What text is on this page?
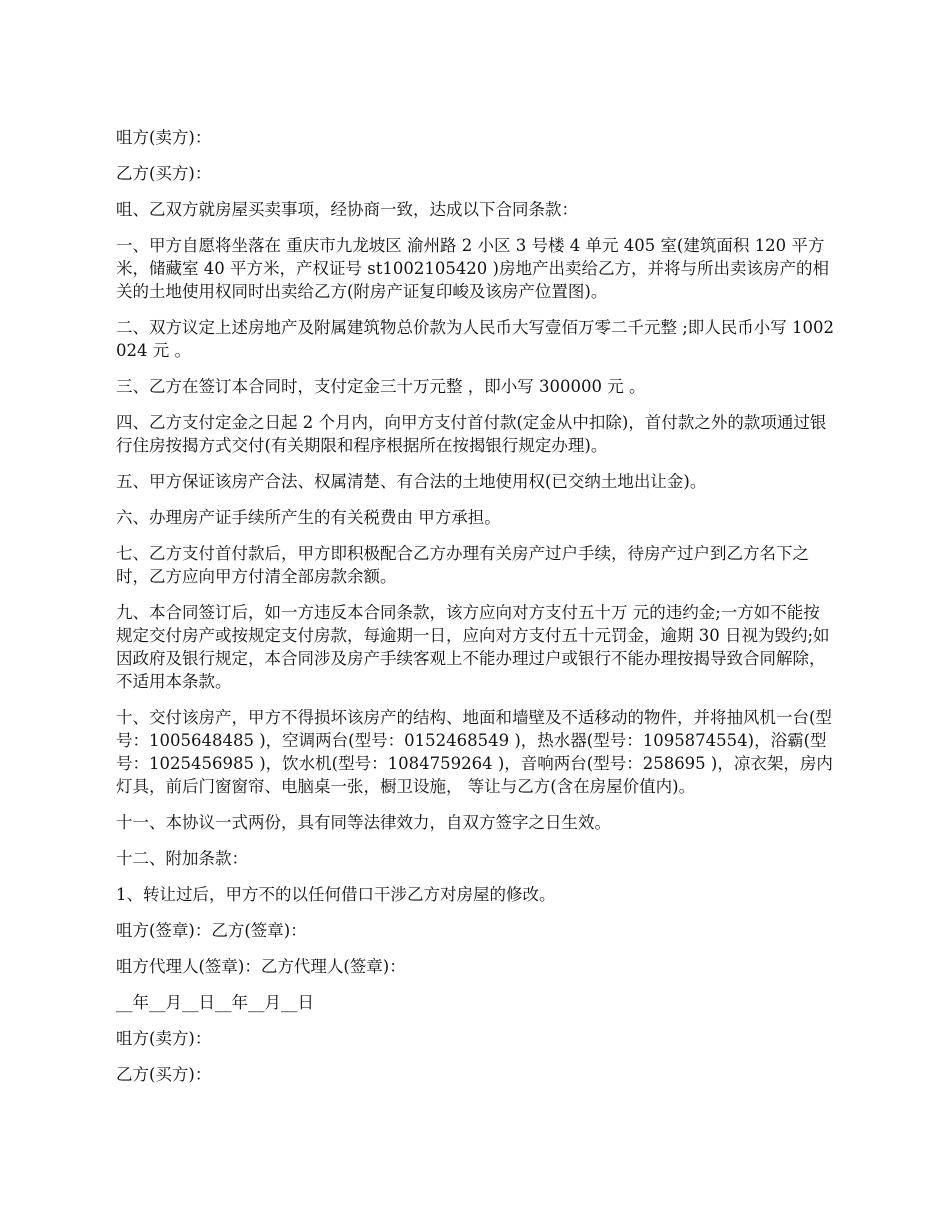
咀方(卖方)：

乙方(买方)：

咀、乙双方就房屋买卖事项，经协商一致，达成以下合同条款：

一、甲方自愿将坐落在 重庆市九龙坡区 渝州路 2 小区 3 号楼 4 单元 405 室(建筑面积 120 平方米，储藏室 40 平方米，产权证号 st1002105420 )房地产出卖给乙方，并将与所出卖该房产的相关的土地使用权同时出卖给乙方(附房产证复印峻及该房产位置图)。

二、双方议定上述房地产及附属建筑物总价款为人民币大写壹佰万零二千元整 ;即人民币小写 1002024 元 。

三、乙方在签订本合同时，支付定金三十万元整 ，即小写 300000 元 。

四、乙方支付定金之日起 2 个月内，向甲方支付首付款(定金从中扣除)，首付款之外的款项通过银行住房按揭方式交付(有关期限和程序根据所在按揭银行规定办理)。

五、甲方保证该房产合法、权属清楚、有合法的土地使用权(已交纳土地出让金)。

六、办理房产证手续所产生的有关税费由 甲方承担。

七、乙方支付首付款后，甲方即积极配合乙方办理有关房产过户手续，待房产过户到乙方名下之时，乙方应向甲方付清全部房款余额。

九、本合同签订后，如一方违反本合同条款，该方应向对方支付五十万 元的违约金;一方如不能按规定交付房产或按规定支付房款，每逾期一日，应向对方支付五十元罚金，逾期 30 日视为毁约;如因政府及银行规定，本合同涉及房产手续客观上不能办理过户或银行不能办理按揭导致合同解除，不适用本条款。

十、交付该房产，甲方不得损坏该房产的结构、地面和墙壁及不适移动的物件，并将抽风机一台(型号：1005648485 )，空调两台(型号：0152468549 )，热水器(型号：1095874554)，浴霸(型号：1025456985 )，饮水机(型号：1084759264 )，音响两台(型号：258695 )，凉衣架，房内灯具，前后门窗窗帘、电脑桌一张，橱卫设施， 等让与乙方(含在房屋价值内)。

十一、本协议一式两份，具有同等法律效力，自双方签字之日生效。

十二、附加条款：

1、转让过后，甲方不的以任何借口干涉乙方对房屋的修改。

咀方(签章)：乙方(签章)：

咀方代理人(签章)：乙方代理人(签章)：

__年__月__日__年__月__日

咀方(卖方)：

乙方(买方)：
